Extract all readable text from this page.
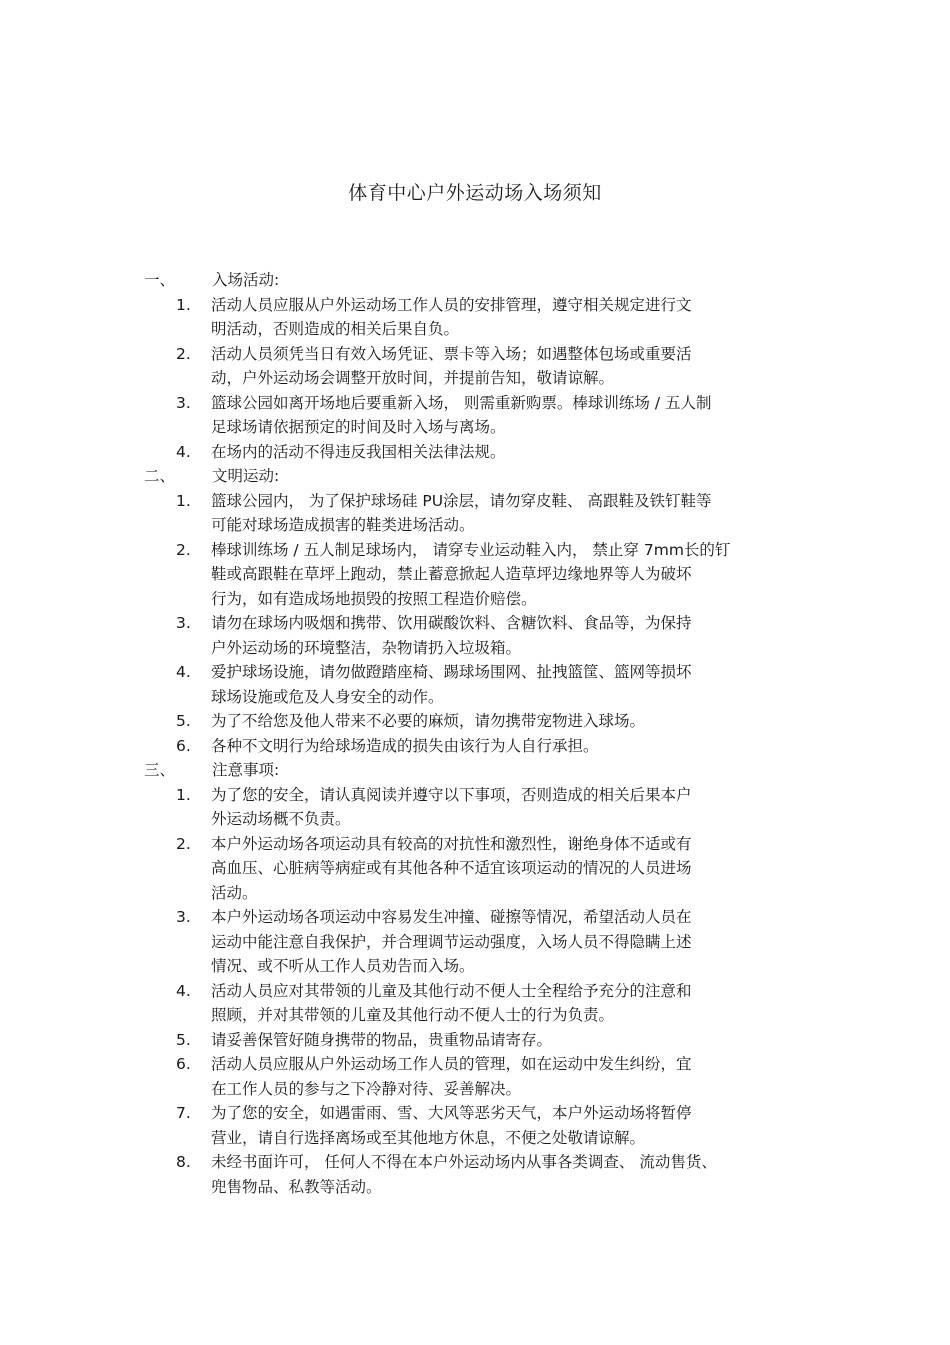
体育中心户外运动场入场须知
一、 入场活动:
1. 活动人员应服从户外运动场工作人员的安排管理，遵守相关规定进行文
明活动，否则造成的相关后果自负。
2. 活动人员须凭当日有效入场凭证、票卡等入场；如遇整体包场或重要活
动，户外运动场会调整开放时间，并提前告知，敬请谅解。
3. 篮球公园如离开场地后要重新入场， 则需重新购票。棒球训练场 / 五人制
足球场请依据预定的时间及时入场与离场。
4. 在场内的活动不得违反我国相关法律法规。
二、 文明运动:
1. 篮球公园内， 为了保护球场硅 PU涂层，请勿穿皮鞋、 高跟鞋及铁钉鞋等
可能对球场造成损害的鞋类进场活动。
2. 棒球训练场 / 五人制足球场内， 请穿专业运动鞋入内， 禁止穿 7mm长的钉
鞋或高跟鞋在草坪上跑动，禁止蓄意掀起人造草坪边缘地界等人为破坏
行为，如有造成场地损毁的按照工程造价赔偿。
3. 请勿在球场内吸烟和携带、饮用碳酸饮料、含糖饮料、食品等，为保持
户外运动场的环境整洁，杂物请扔入垃圾箱。
4. 爱护球场设施，请勿做蹬踏座椅、踢球场围网、扯拽篮筐、篮网等损坏
球场设施或危及人身安全的动作。
5. 为了不给您及他人带来不必要的麻烦，请勿携带宠物进入球场。
6. 各种不文明行为给球场造成的损失由该行为人自行承担。
三、 注意事项:
1. 为了您的安全，请认真阅读并遵守以下事项，否则造成的相关后果本户
外运动场概不负责。
2. 本户外运动场各项运动具有较高的对抗性和激烈性，谢绝身体不适或有
高血压、心脏病等病症或有其他各种不适宜该项运动的情况的人员进场
活动。
3. 本户外运动场各项运动中容易发生冲撞、碰擦等情况，希望活动人员在
运动中能注意自我保护，并合理调节运动强度，入场人员不得隐瞒上述
情况、或不听从工作人员劝告而入场。
4. 活动人员应对其带领的儿童及其他行动不便人士全程给予充分的注意和
照顾，并对其带领的儿童及其他行动不便人士的行为负责。
5. 请妥善保管好随身携带的物品，贵重物品请寄存。
6. 活动人员应服从户外运动场工作人员的管理，如在运动中发生纠纷，宜
在工作人员的参与之下冷静对待、妥善解决。
7. 为了您的安全，如遇雷雨、雪、大风等恶劣天气，本户外运动场将暂停
营业，请自行选择离场或至其他地方休息，不便之处敬请谅解。
8. 未经书面许可， 任何人不得在本户外运动场内从事各类调查、 流动售货、
兜售物品、私教等活动。
